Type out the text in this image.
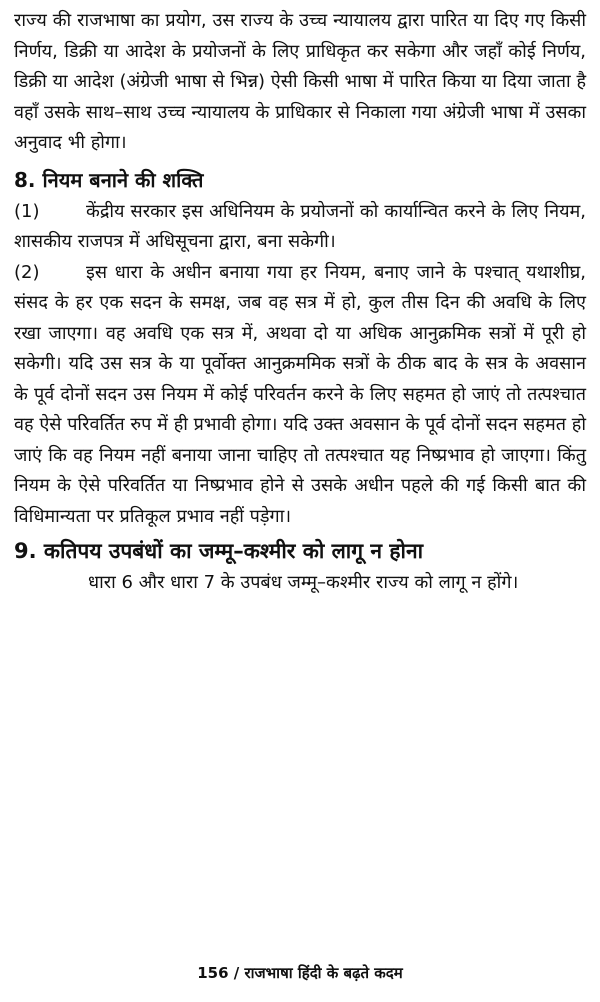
राज्य की राजभाषा का प्रयोग, उस राज्य के उच्च न्यायालय द्वारा पारित या दिए गए किसी निर्णय, डिक्री या आदेश के प्रयोजनों के लिए प्राधिकृत कर सकेगा और जहाँ कोई निर्णय, डिक्री या आदेश (अंग्रेजी भाषा से भिन्न) ऐसी किसी भाषा में पारित किया या दिया जाता है वहाँ उसके साथ–साथ उच्च न्यायालय के प्राधिकार से निकाला गया अंग्रेजी भाषा में उसका अनुवाद भी होगा।

8. नियम बनाने की शक्ति

(1)	केंद्रीय सरकार इस अधिनियम के प्रयोजनों को कार्यान्वित करने के लिए नियम, शासकीय राजपत्र में अधिसूचना द्वारा, बना सकेगी।

(2)	इस धारा के अधीन बनाया गया हर नियम, बनाए जाने के पश्चात् यथाशीघ्र, संसद के हर एक सदन के समक्ष, जब वह सत्र में हो, कुल तीस दिन की अवधि के लिए रखा जाएगा। वह अवधि एक सत्र में, अथवा दो या अधिक आनुक्रमिक सत्रों में पूरी हो सकेगी। यदि उस सत्र के या पूर्वोक्त आनुक्रममिक सत्रों के ठीक बाद के सत्र के अवसान के पूर्व दोनों सदन उस नियम में कोई परिवर्तन करने के लिए सहमत हो जाएं तो तत्पश्चात वह ऐसे परिवर्तित रुप में ही प्रभावी होगा। यदि उक्त अवसान के पूर्व दोनों सदन सहमत हो जाएं कि वह नियम नहीं बनाया जाना चाहिए तो तत्पश्चात यह निष्प्रभाव हो जाएगा। किंतु नियम के ऐसे परिवर्तित या निष्प्रभाव होने से उसके अधीन पहले की गई किसी बात की विधिमान्यता पर प्रतिकूल प्रभाव नहीं पड़ेगा।

9. कतिपय उपबंधों का जम्मू–कश्मीर को लागू न होना

धारा 6 और धारा 7 के उपबंध जम्मू–कश्मीर राज्य को लागू न होंगे।

156 / राजभाषा हिंदी के बढ़ते कदम
